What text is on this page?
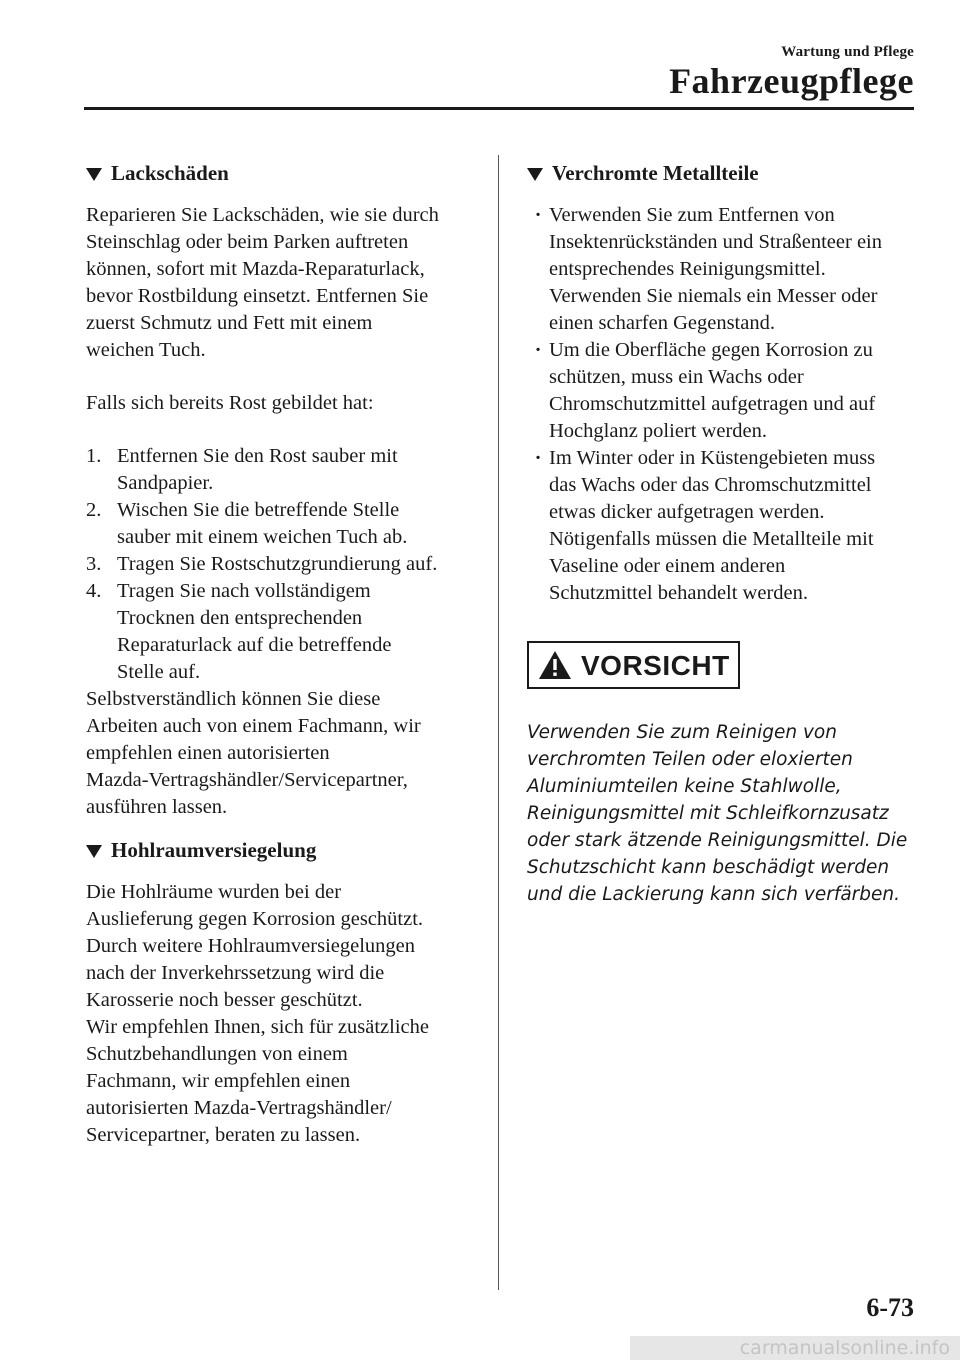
Wartung und Pflege
Fahrzeugpflege
Lackschäden

Reparieren Sie Lackschäden, wie sie durch
Steinschlag oder beim Parken auftreten
können, sofort mit Mazda-Reparaturlack,
bevor Rostbildung einsetzt. Entfernen Sie
zuerst Schmutz und Fett mit einem
weichen Tuch.

Falls sich bereits Rost gebildet hat:

1. Entfernen Sie den Rost sauber mit
Sandpapier.
2. Wischen Sie die betreffende Stelle
sauber mit einem weichen Tuch ab.
3. Tragen Sie Rostschutzgrundierung auf.
4. Tragen Sie nach vollständigem
Trocknen den entsprechenden
Reparaturlack auf die betreffende
Stelle auf.

Selbstverständlich können Sie diese
Arbeiten auch von einem Fachmann, wir
empfehlen einen autorisierten
Mazda-Vertragshändler/Servicepartner,
ausführen lassen.

Hohlraumversiegelung

Die Hohlräume wurden bei der
Auslieferung gegen Korrosion geschützt.
Durch weitere Hohlraumversiegelungen
nach der Inverkehrssetzung wird die
Karosserie noch besser geschützt.
Wir empfehlen Ihnen, sich für zusätzliche
Schutzbehandlungen von einem
Fachmann, wir empfehlen einen
autorisierten Mazda-Vertragshändler/
Servicepartner, beraten zu lassen.

Verchromte Metallteile
· Verwenden Sie zum Entfernen von
Insektenrückständen und Straßenteer ein
entsprechendes Reinigungsmittel.
Verwenden Sie niemals ein Messer oder
einen scharfen Gegenstand.
· Um die Oberfläche gegen Korrosion zu
schützen, muss ein Wachs oder
Chromschutzmittel aufgetragen und auf
Hochglanz poliert werden.
· Im Winter oder in Küstengebieten muss
das Wachs oder das Chromschutzmittel
etwas dicker aufgetragen werden.
Nötigenfalls müssen die Metallteile mit
Vaseline oder einem anderen
Schutzmittel behandelt werden.
VORSICHT
Verwenden Sie zum Reinigen von
verchromten Teilen oder eloxierten
Aluminiumteilen keine Stahlwolle,
Reinigungsmittel mit Schleifkornzusatz
oder stark ätzende Reinigungsmittel. Die
Schutzschicht kann beschädigt werden
und die Lackierung kann sich verfärben.
6-73
carmanualsonline.info
